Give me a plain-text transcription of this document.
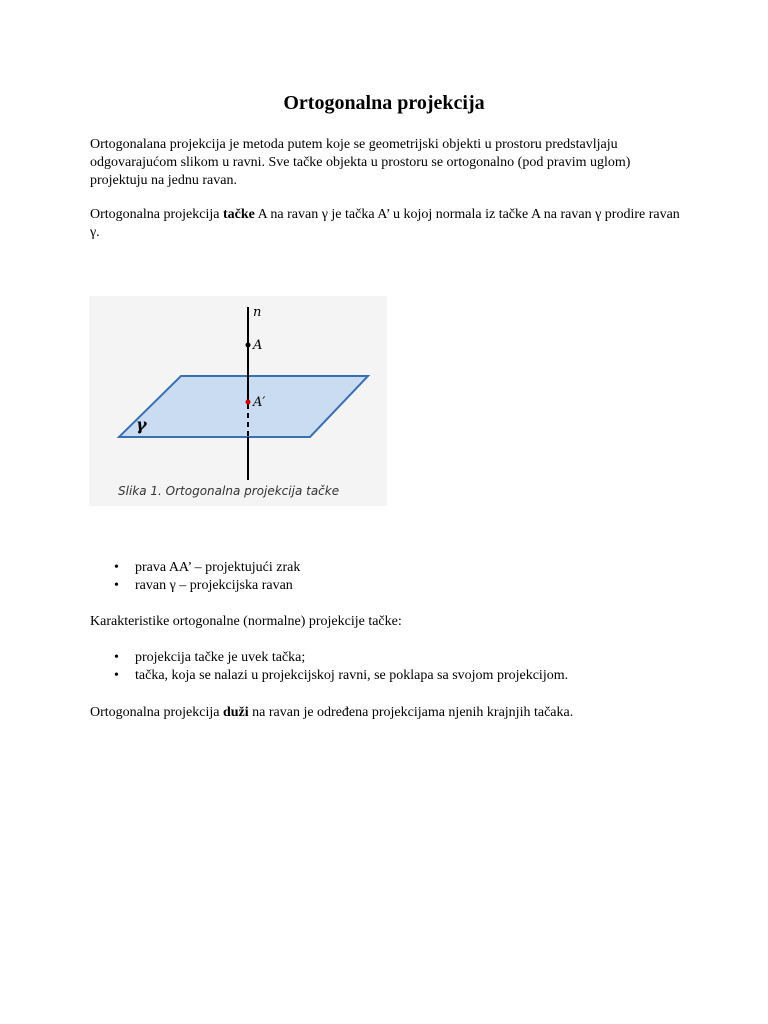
Ortogonalna projekcija

Ortogonalana projekcija je metoda putem koje se geometrijski objekti u prostoru predstavljaju odgovarajućom slikom u ravni. Sve tačke objekta u prostoru se ortogonalno (pod pravim uglom) projektuju na jednu ravan.

Ortogonalna projekcija tačke A na ravan γ je tačka A’ u kojoj normala iz tačke A na ravan γ prodire ravan γ.

n
A
A′
γ
Slika 1. Ortogonalna projekcija tačke
• prava AA’ – projektujući zrak
• ravan γ – projekcijska ravan

Karakteristike ortogonalne (normalne) projekcije tačke:

• projekcija tačke je uvek tačka;
• tačka, koja se nalazi u projekcijskoj ravni, se poklapa sa svojom projekcijom.

Ortogonalna projekcija duži na ravan je određena projekcijama njenih krajnjih tačaka.
